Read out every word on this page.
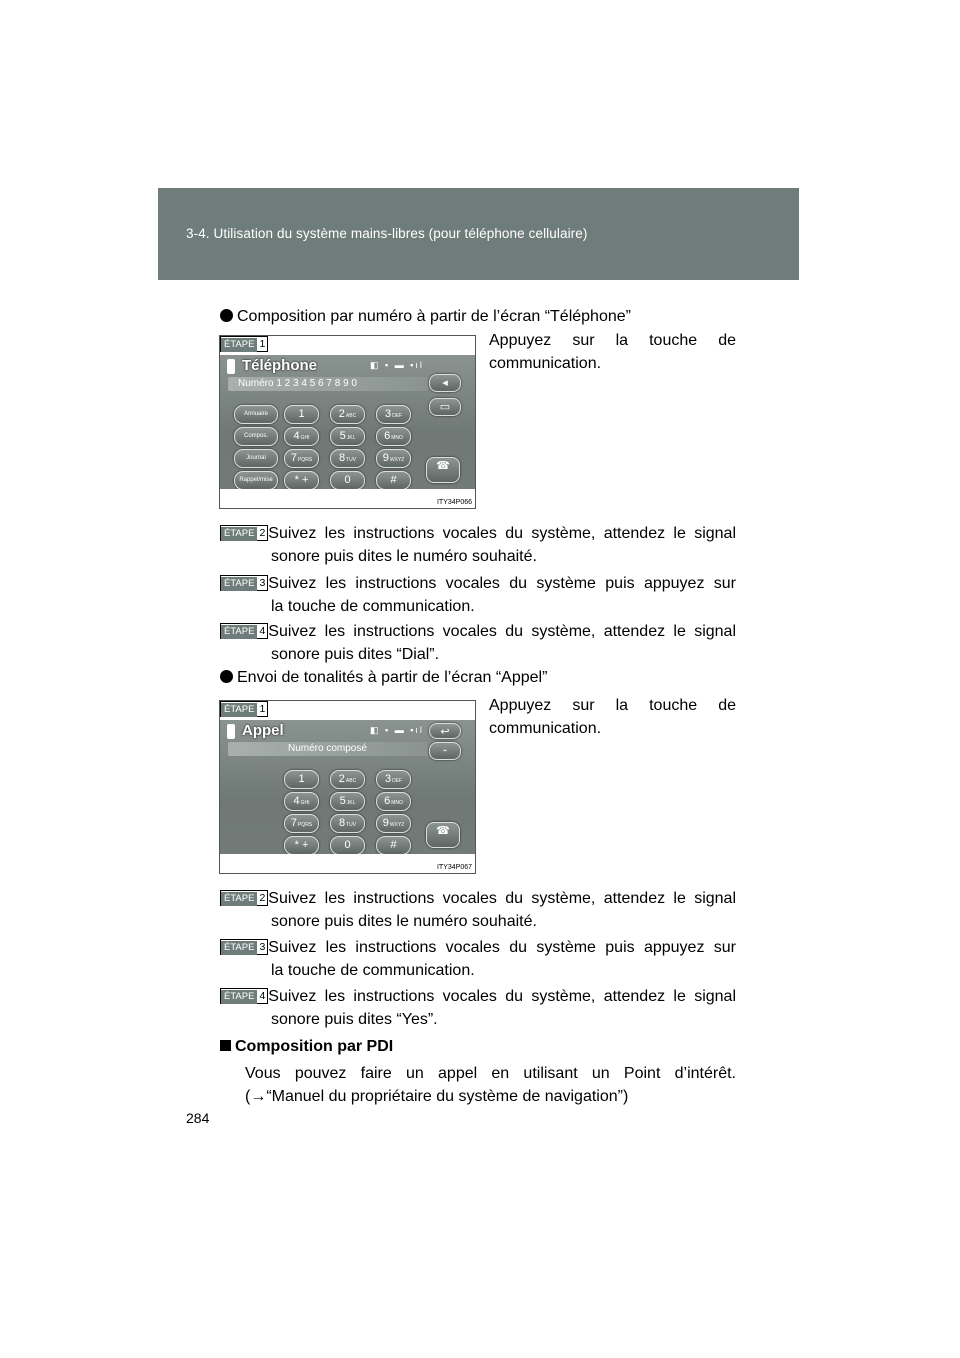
3-4. Utilisation du système mains-libres (pour téléphone cellulaire)
Composition par numéro à partir de l’écran “Téléphone”
ÉTAPE 1
Téléphone	◧ ▪ ▬ ▪ıl
Numéro 1 2 3 4 5 6 7 8 9 0	◂
▭
☎
1	2ABC	3DEF
4GHI	5JKL	6MNO
7PQRS	8TUV	9WXYZ
* +	0	#
Annuaire
Compos.
Journal
Rappel/mise
ITY34P066
Appuyez sur la touche de
communication.
ÉTAPE 2 Suivez les instructions vocales du système, attendez le signal
sonore puis dites le numéro souhaité.
ÉTAPE 3 Suivez les instructions vocales du système puis appuyez sur
la touche de communication.
ÉTAPE 4 Suivez les instructions vocales du système, attendez le signal
sonore puis dites “Dial”.
Envoi de tonalités à partir de l’écran “Appel”
ÉTAPE 1
Appel	◧ ▪ ▬ ▪ıl
Numéro composé
↩
▪▪
☎
1	2ABC	3DEF
4GHI	5JKL	6MNO
7PQRS	8TUV	9WXYZ
* +	0	#
ITY34P067
Appuyez sur la touche de
communication.
ÉTAPE 2 Suivez les instructions vocales du système, attendez le signal
sonore puis dites le numéro souhaité.
ÉTAPE 3 Suivez les instructions vocales du système puis appuyez sur
la touche de communication.
ÉTAPE 4 Suivez les instructions vocales du système, attendez le signal
sonore puis dites “Yes”.
Composition par PDI
Vous pouvez faire un appel en utilisant un Point d’intérêt.
(→“Manuel du propriétaire du système de navigation”)
284
